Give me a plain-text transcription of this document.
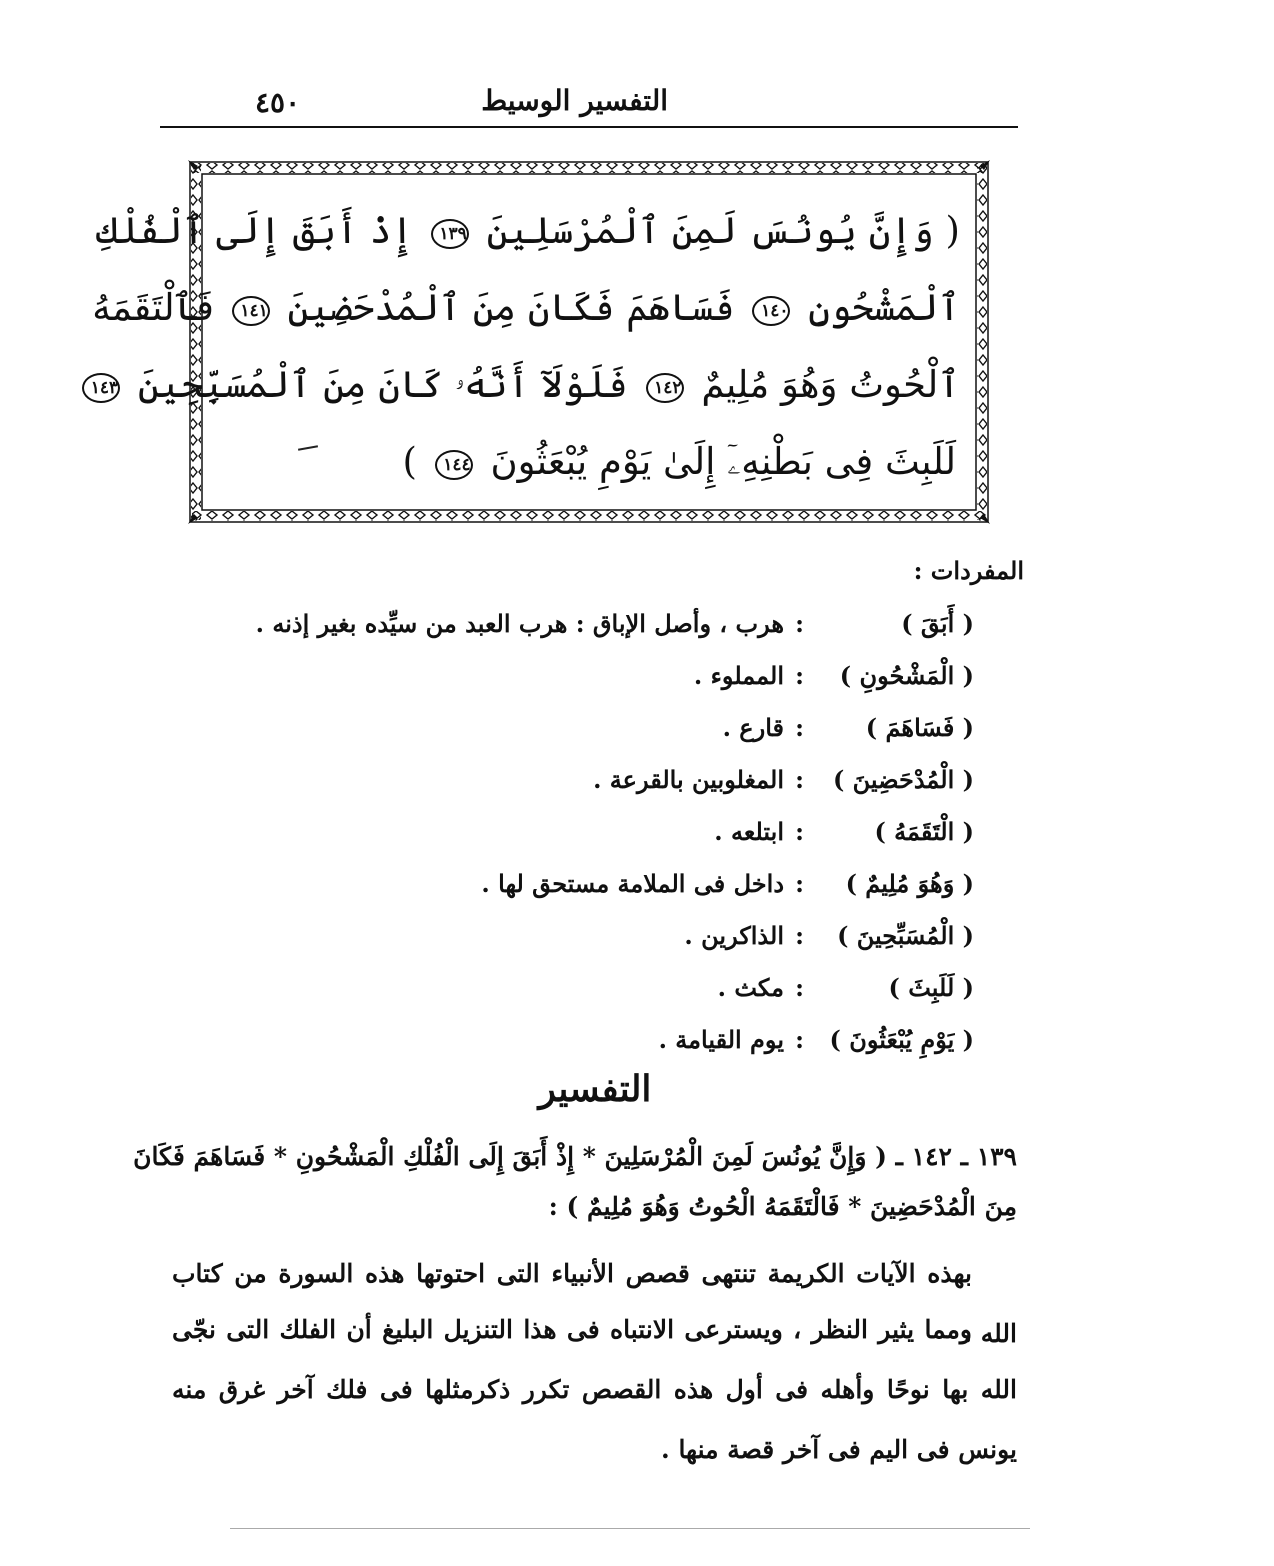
٤٥٠	التفسير الوسيط
( وَإِنَّ يُونُسَ لَمِنَ ٱلْمُرْسَلِينَ ١٣٩ إِذْ أَبَقَ إِلَى ٱلْفُلْكِ
ٱلْمَشْحُونِ ١٤٠ فَسَاهَمَ فَكَانَ مِنَ ٱلْمُدْحَضِينَ ١٤١ فَٱلْتَقَمَهُ
ٱلْحُوتُ وَهُوَ مُلِيمٌ ١٤٢ فَلَوْلَآ أَنَّهُۥ كَانَ مِنَ ٱلْمُسَبِّحِينَ ١٤٣
لَلَبِثَ فِى بَطْنِهِۦٓ إِلَىٰ يَوْمِ يُبْعَثُونَ ١٤٤ )
المفردات :
( أَبَقَ )
:
هرب ، وأصل الإباق : هرب العبد من سيِّده بغير إذنه .
( الْمَشْحُونِ )
:
المملوء .
( فَسَاهَمَ )
:
قارع .
( الْمُدْحَضِينَ )
:
المغلوبين بالقرعة .
( الْتَقَمَهُ )
:
ابتلعه .
( وَهُوَ مُلِيمٌ )
:
داخل فى الملامة مستحق لها .
( الْمُسَبِّحِينَ )
:
الذاكرين .
( لَلَبِثَ )
:
مكث .
( يَوْمِ يُبْعَثُونَ )
:
يوم القيامة .
التفسير

١٣٩ ـ ١٤٢ ـ ( وَإِنَّ يُونُسَ لَمِنَ الْمُرْسَلِينَ * إِذْ أَبَقَ إِلَى الْفُلْكِ الْمَشْحُونِ * فَسَاهَمَ فَكَانَ

مِنَ الْمُدْحَضِينَ * فَالْتَقَمَهُ الْحُوتُ وَهُوَ مُلِيمٌ ) :

بهذه الآيات الكريمة تنتهى قصص الأنبياء التى احتوتها هذه السورة من كتاب الله .

ومما يثير النظر ، ويسترعى الانتباه فى هذا التنزيل البليغ أن الفلك التى نجّى الله بها نوحًا وأهله فى أول هذه القصص تكرر ذكرمثلها فى فلك آخر غرق منه يونس فى اليم فى آخر قصة منها .
